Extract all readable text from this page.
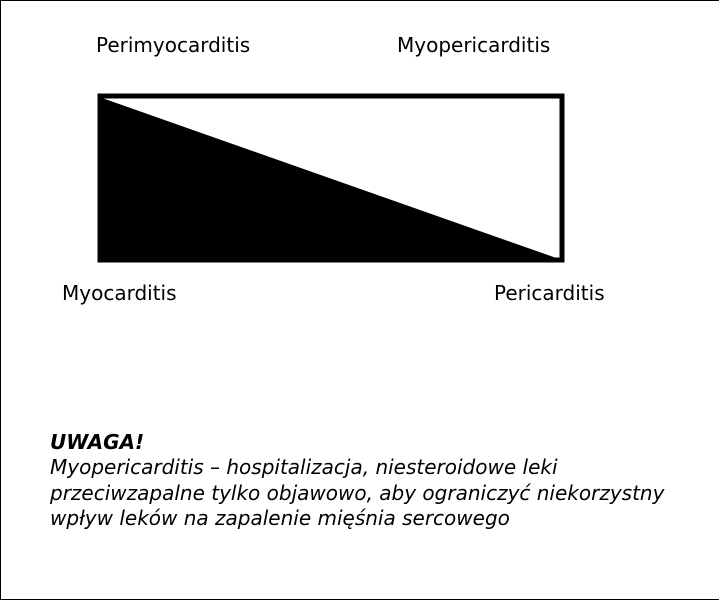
Perimyocarditis	Myopericarditis
Myocarditis	Pericarditis
UWAGA!
Myopericarditis – hospitalizacja, niesteroidowe leki przeciwzapalne tylko objawowo, aby ograniczyć niekorzystny wpływ leków na zapalenie mięśnia sercowego
